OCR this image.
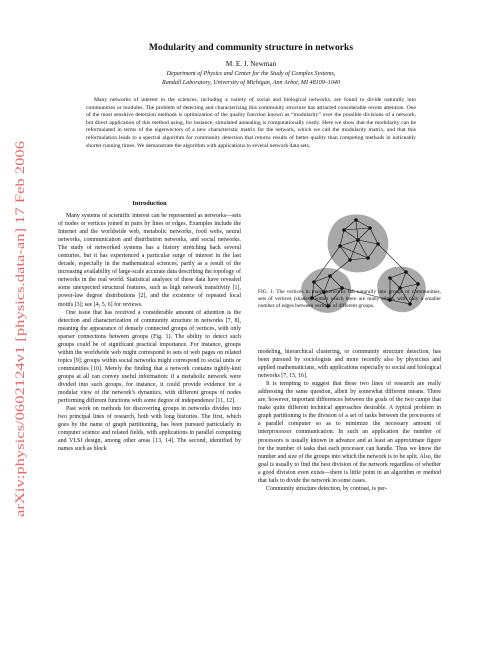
arXiv:physics/0602124v1 [physics.data-an] 17 Feb 2006
Modularity and community structure in networks
M. E. J. Newman
Department of Physics and Center for the Study of Complex Systems,
Randall Laboratory, University of Michigan, Ann Arbor, MI 48109–1040

Many networks of interest in the sciences, including a variety of social and biological networks, are found to divide naturally into communities or modules. The problem of detecting and characterizing this community structure has attracted considerable recent attention. One of the most sensitive detection methods is optimization of the quality function known as “modularity” over the possible divisions of a network, but direct application of this method using, for instance, simulated annealing is computationally costly. Here we show that the modularity can be reformulated in terms of the eigenvectors of a new characteristic matrix for the network, which we call the modularity matrix, and that this reformulation leads to a spectral algorithm for community detection that returns results of better quality than competing methods in noticeably shorter running times. We demonstrate the algorithm with applications to several network data sets.

Many systems of scientific interest can be represented as networks—sets of nodes or vertices joined in pairs by lines or edges. Examples include the Internet and the worldwide web, metabolic networks, food webs, neural networks, communication and distribution networks, and social networks. The study of networked systems has a history stretching back several centuries, but it has experienced a particular surge of interest in the last decade, especially in the mathematical sciences, partly as a result of the increasing availability of large-scale accurate data describing the topology of networks in the real world. Statistical analyses of these data have revealed some unexpected structural features, such as high network transitivity [1], power-law degree distributions [2], and the existence of repeated local motifs [3]; see [4, 5, 6] for reviews.

One issue that has received a considerable amount of attention is the detection and characterization of community structure in networks [7, 8], meaning the appearance of densely connected groups of vertices, with only sparser connections between groups (Fig. 1). The ability to detect such groups could be of significant practical importance. For instance, groups within the worldwide web might correspond to sets of web pages on related topics [9]; groups within social networks might correspond to social units or communities [10]. Merely the finding that a network contains tightly-knit groups at all can convey useful information: if a metabolic network were divided into such groups, for instance, it could provide evidence for a modular view of the network’s dynamics, with different groups of nodes performing different functions with some degree of independence [11, 12].

Past work on methods for discovering groups in networks divides into two principal lines of research, both with long histories. The first, which goes by the name of graph partitioning, has been pursued particularly in computer science and related fields, with applications in parallel computing and VLSI design, among other areas [13, 14]. The second, identified by names such as block

Introduction
FIG. 1: The vertices in many networks fall naturally into groups or communities, sets of vertices (shaded) within which there are many edges, with only a smaller number of edges between vertices of different groups.

modeling, hierarchical clustering, or community structure detection, has been pursued by sociologists and more recently also by physicists and applied mathematicians, with applications especially to social and biological networks [7, 15, 16].

It is tempting to suggest that these two lines of research are really addressing the same question, albeit by somewhat different means. There are, however, important differences between the goals of the two camps that make quite different technical approaches desirable. A typical problem in graph partitioning is the division of a set of tasks between the processors of a parallel computer so as to minimize the necessary amount of interprocessor communication. In such an application the number of processors is usually known in advance and at least an approximate figure for the number of tasks that each processor can handle. Thus we know the number and size of the groups into which the network is to be split. Also, the goal is usually to find the best division of the network regardless of whether a good division even exists—there is little point in an algorithm or method that fails to divide the network in some cases.

Community structure detection, by contrast, is per-
